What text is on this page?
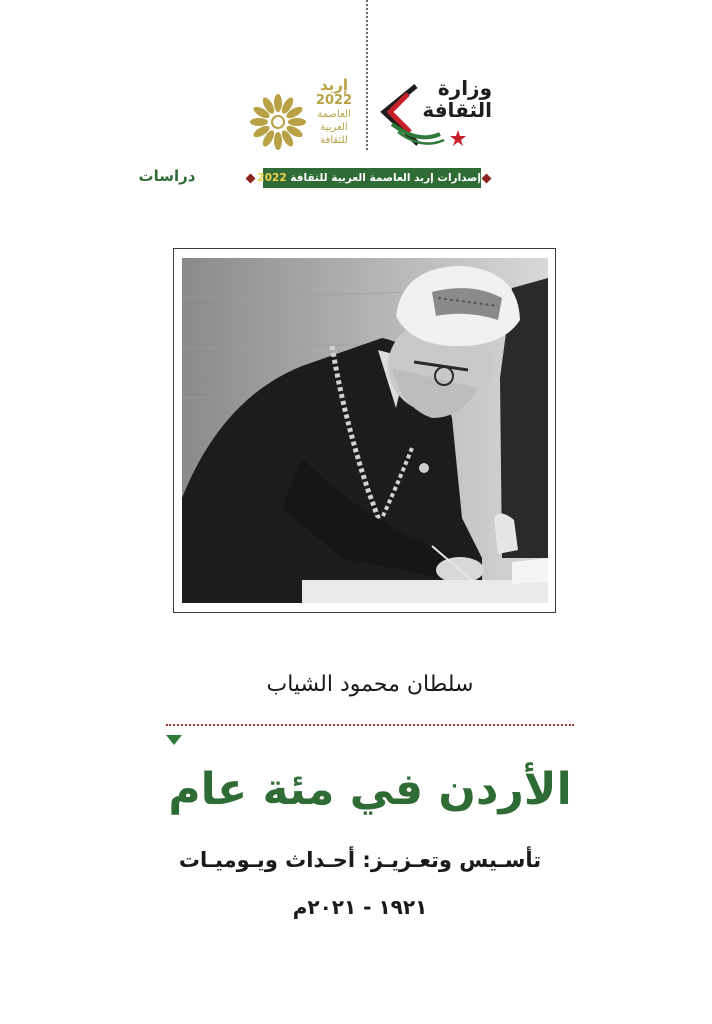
وزارة
الثقافة
إربد
2022
العاصمة
العربية
للثقافة
إصدارات إربد العاصمة العربية للثقافة 2022
دراسات
سلطان محمود الشياب
الأردن في مئة عام
تأسـيس وتعـزيـز: أحـداث ويـوميـات
١٩٢١ - ٢٠٢١م
